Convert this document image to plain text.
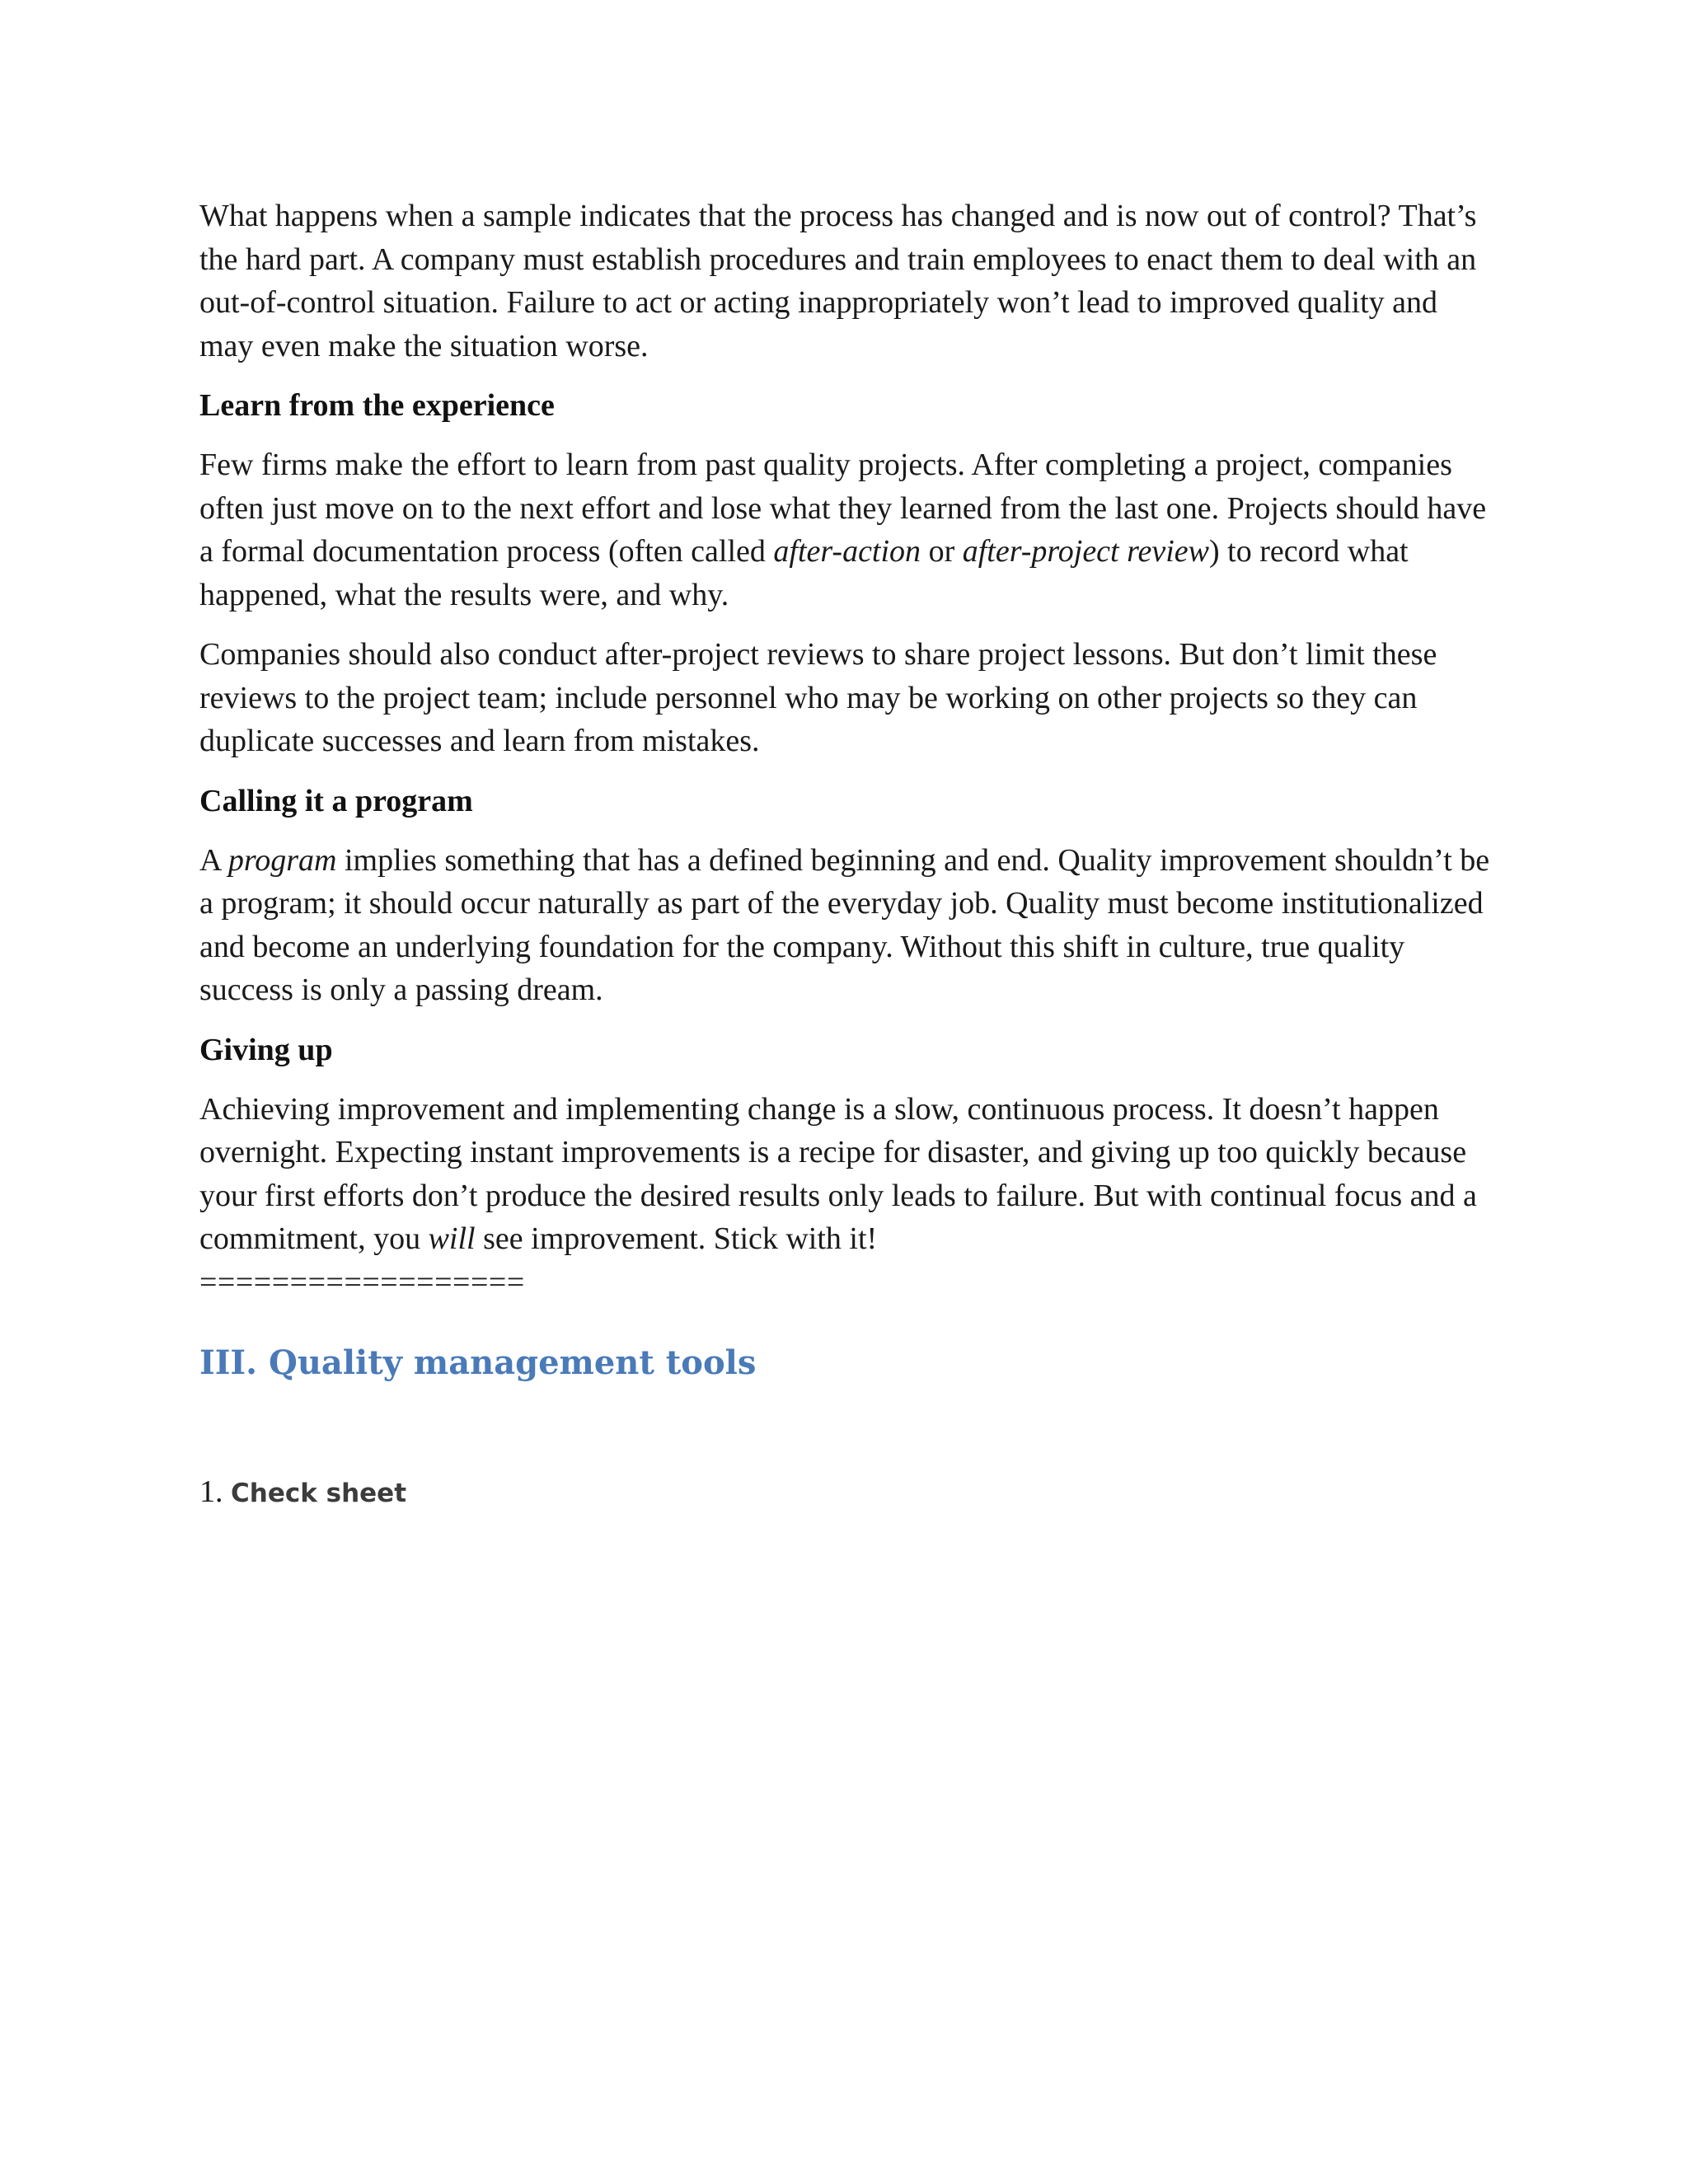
What happens when a sample indicates that the process has changed and is now out of control? That’s the hard part. A company must establish procedures and train employees to enact them to deal with an out-of-control situation. Failure to act or acting inappropriately won’t lead to improved quality and may even make the situation worse.

Learn from the experience

Few firms make the effort to learn from past quality projects. After completing a project, companies often just move on to the next effort and lose what they learned from the last one. Projects should have a formal documentation process (often called after-action or after-project review) to record what happened, what the results were, and why.

Companies should also conduct after-project reviews to share project lessons. But don’t limit these reviews to the project team; include personnel who may be working on other projects so they can duplicate successes and learn from mistakes.

Calling it a program

A program implies something that has a defined beginning and end. Quality improvement shouldn’t be a program; it should occur naturally as part of the everyday job. Quality must become institutionalized and become an underlying foundation for the company. Without this shift in culture, true quality success is only a passing dream.

Giving up

Achieving improvement and implementing change is a slow, continuous process. It doesn’t happen overnight. Expecting instant improvements is a recipe for disaster, and giving up too quickly because your first efforts don’t produce the desired results only leads to failure. But with continual focus and a commitment, you will see improvement. Stick with it!

==================

III. Quality management tools

1. Check sheet
